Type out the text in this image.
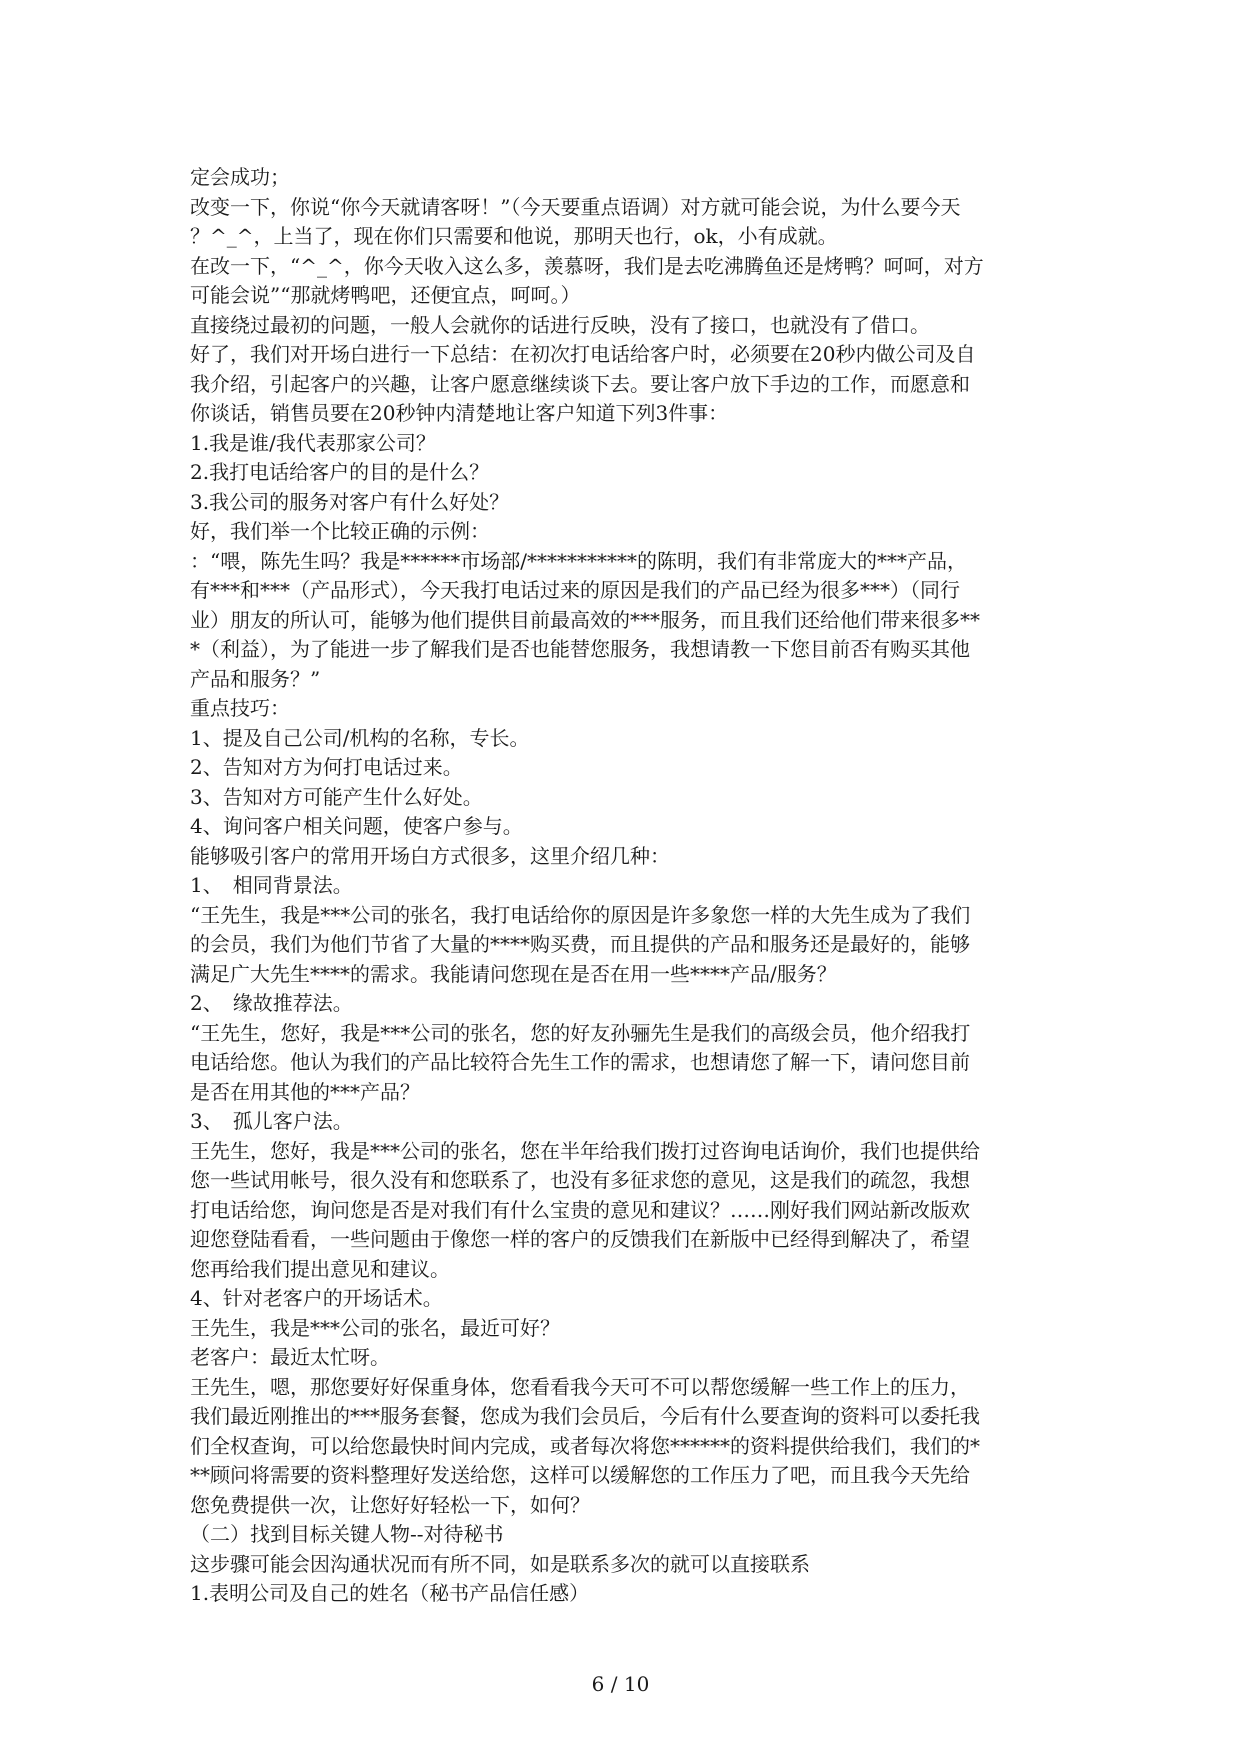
定会成功；
改变一下，你说“你今天就请客呀！”（今天要重点语调）对方就可能会说，为什么要今天
？^_^，上当了，现在你们只需要和他说，那明天也行，ok，小有成就。
在改一下，“^_^，你今天收入这么多，羡慕呀，我们是去吃沸腾鱼还是烤鸭？呵呵，对方
可能会说”“那就烤鸭吧，还便宜点，呵呵。）
直接绕过最初的问题，一般人会就你的话进行反映，没有了接口，也就没有了借口。
好了，我们对开场白进行一下总结：在初次打电话给客户时，必须要在20秒内做公司及自
我介绍，引起客户的兴趣，让客户愿意继续谈下去。要让客户放下手边的工作，而愿意和
你谈话，销售员要在20秒钟内清楚地让客户知道下列3件事：
1.我是谁/我代表那家公司？
2.我打电话给客户的目的是什么？
3.我公司的服务对客户有什么好处？
好，我们举一个比较正确的示例：
：“喂，陈先生吗？我是******市场部/***********的陈明，我们有非常庞大的***产品，
有***和***（产品形式），今天我打电话过来的原因是我们的产品已经为很多***）（同行
业）朋友的所认可，能够为他们提供目前最高效的***服务，而且我们还给他们带来很多**
*（利益），为了能进一步了解我们是否也能替您服务，我想请教一下您目前否有购买其他
产品和服务？”
重点技巧：
1、提及自己公司/机构的名称，专长。
2、告知对方为何打电话过来。
3、告知对方可能产生什么好处。
4、询问客户相关问题，使客户参与。
能够吸引客户的常用开场白方式很多，这里介绍几种：
1、　相同背景法。
“王先生，我是***公司的张名，我打电话给你的原因是许多象您一样的大先生成为了我们
的会员，我们为他们节省了大量的****购买费，而且提供的产品和服务还是最好的，能够
满足广大先生****的需求。我能请问您现在是否在用一些****产品/服务？
2、　缘故推荐法。
“王先生，您好，我是***公司的张名，您的好友孙骊先生是我们的高级会员，他介绍我打
电话给您。他认为我们的产品比较符合先生工作的需求，也想请您了解一下，请问您目前
是否在用其他的***产品？
3、　孤儿客户法。
王先生，您好，我是***公司的张名，您在半年给我们拨打过咨询电话询价，我们也提供给
您一些试用帐号，很久没有和您联系了，也没有多征求您的意见，这是我们的疏忽，我想
打电话给您，询问您是否是对我们有什么宝贵的意见和建议？……刚好我们网站新改版欢
迎您登陆看看，一些问题由于像您一样的客户的反馈我们在新版中已经得到解决了，希望
您再给我们提出意见和建议。
4、针对老客户的开场话术。
王先生，我是***公司的张名，最近可好？
老客户：最近太忙呀。
王先生，嗯，那您要好好保重身体，您看看我今天可不可以帮您缓解一些工作上的压力，
我们最近刚推出的***服务套餐，您成为我们会员后，今后有什么要查询的资料可以委托我
们全权查询，可以给您最快时间内完成，或者每次将您******的资料提供给我们，我们的*
**顾问将需要的资料整理好发送给您，这样可以缓解您的工作压力了吧，而且我今天先给
您免费提供一次，让您好好轻松一下，如何？
（二）找到目标关键人物--对待秘书
这步骤可能会因沟通状况而有所不同，如是联系多次的就可以直接联系
1.表明公司及自己的姓名（秘书产品信任感）
6 / 10
